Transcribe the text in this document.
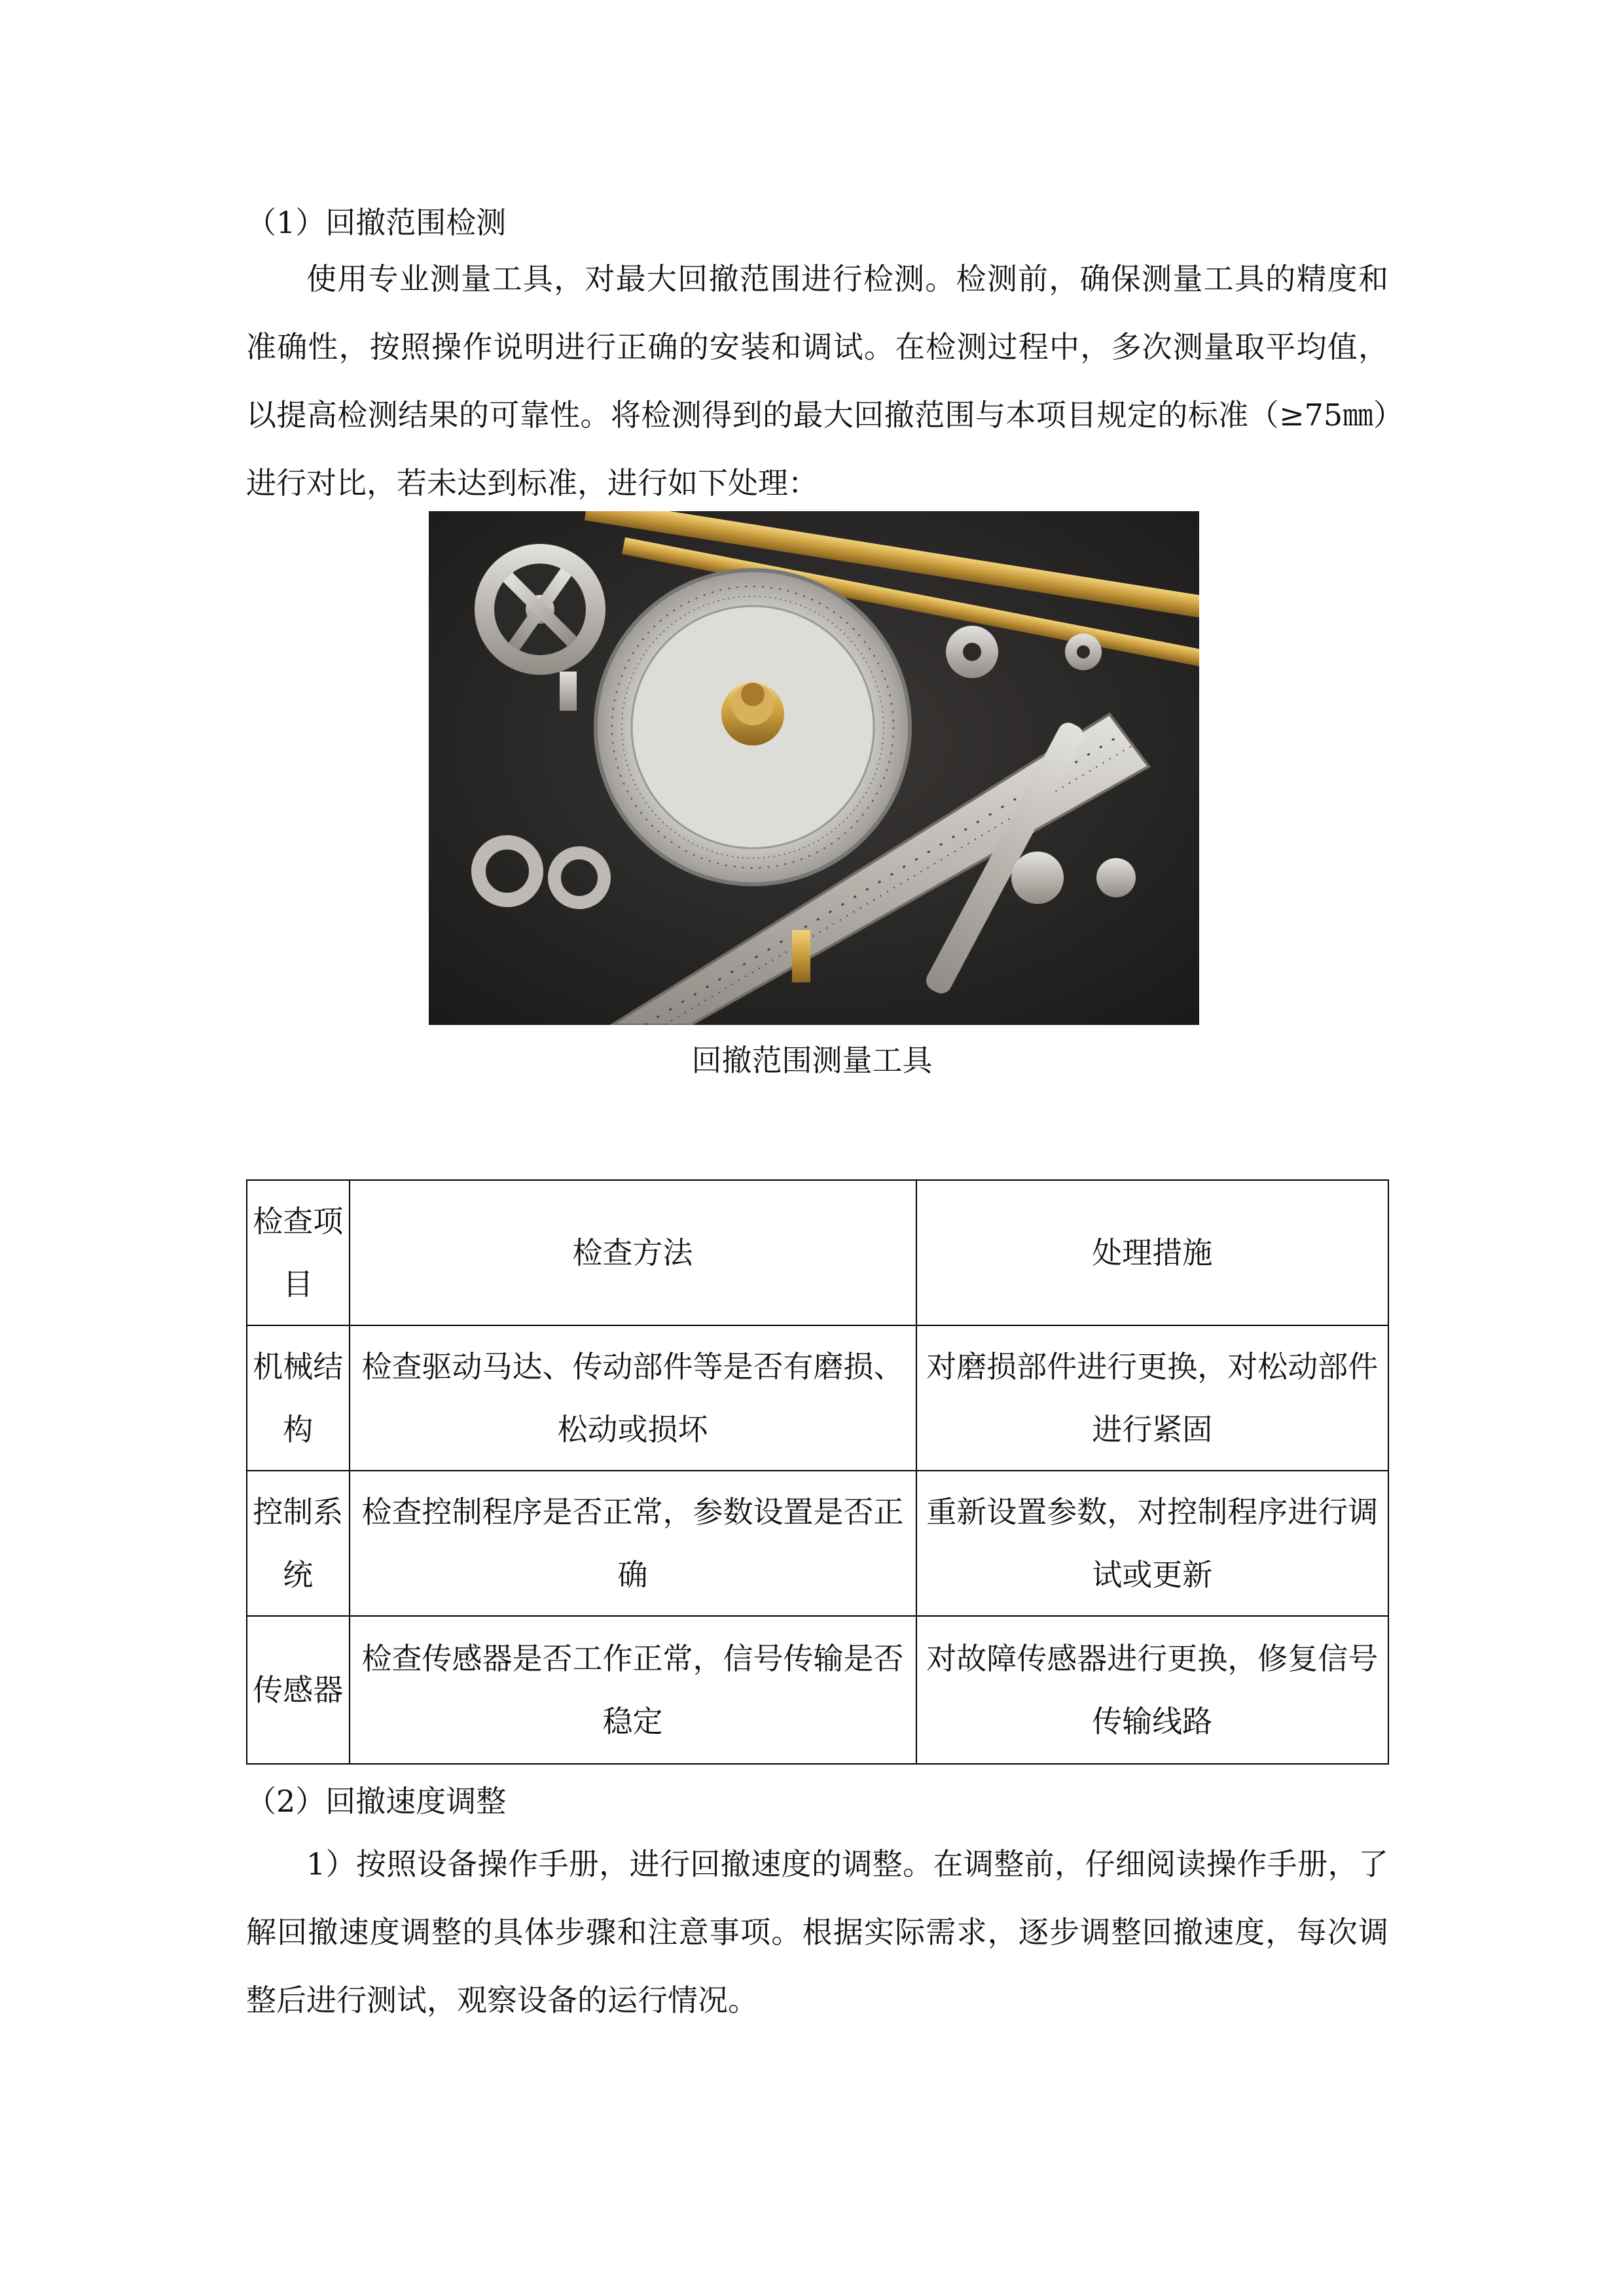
（1）回撤范围检测
使用专业测量工具，对最大回撤范围进行检测。检测前，确保测量工具的精度和准确性，按照操作说明进行正确的安装和调试。在检测过程中，多次测量取平均值，以提高检测结果的可靠性。将检测得到的最大回撤范围与本项目规定的标准（≥75㎜）进行对比，若未达到标准，进行如下处理：
回撤范围测量工具
检查项目	检查方法	处理措施
机械结构	检查驱动马达、传动部件等是否有磨损、松动或损坏	对磨损部件进行更换，对松动部件进行紧固
控制系统	检查控制程序是否正常，参数设置是否正确	重新设置参数，对控制程序进行调试或更新
传感器	检查传感器是否工作正常，信号传输是否稳定	对故障传感器进行更换，修复信号传输线路
（2）回撤速度调整
1）按照设备操作手册，进行回撤速度的调整。在调整前，仔细阅读操作手册，了解回撤速度调整的具体步骤和注意事项。根据实际需求，逐步调整回撤速度，每次调整后进行测试，观察设备的运行情况。
